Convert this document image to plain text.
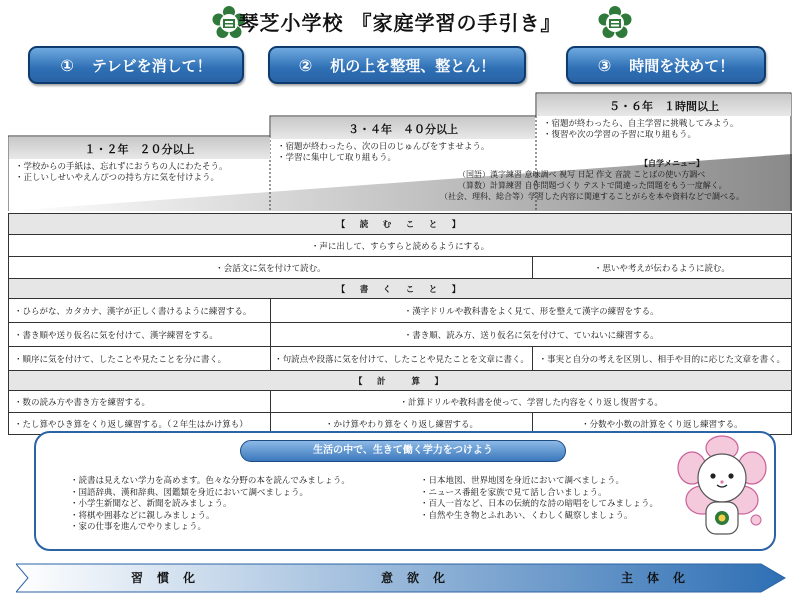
琴芝小学校 『家庭学習の手引き』
① テレビを消して！	② 机の上を整理、整とん！	③ 時間を決めて！
１・２年　２０分以上
・学校からの手紙は、忘れずにおうちの人にわたそう。
・正しいしせいやえんぴつの持ち方に気を付けよう。
３・４年　４０分以上
・宿題が終わったら、次の日のじゅんびをすませよう。
・学習に集中して取り組もう。
５・６年　１時間以上
・宿題が終わったら、自主学習に挑戦してみよう。
・復習や次の学習の予習に取り組もう。
【自学メニュー】
（国語）漢字練習 意味調べ 視写 日記 作文 音読 ことばの使い方調べ
（算数）計算練習 自作問題づくり テストで間違った問題をもう一度解く。
（社会、理科、総合等）学習した内容に関連することがらを本や資料などで調べる。
【　読　む　こ　と　】
・声に出して、すらすらと読めるようにする。
・会話文に気を付けて読む。	・思いや考えが伝わるように読む。
【　書　く　こ　と　】
・ひらがな、カタカナ、漢字が正しく書けるように練習する。	・漢字ドリルや教科書をよく見て、形を整えて漢字の練習をする。
・書き順や送り仮名に気を付けて、漢字練習をする。	・書き順、読み方、送り仮名に気を付けて、ていねいに練習する。
・順序に気を付けて、したことや見たことを分に書く。	・句読点や段落に気を付けて、したことや見たことを文章に書く。	・事実と自分の考えを区別し、相手や目的に応じた文章を書く。
【　計　　算　】
・数の読み方や書き方を練習する。	・計算ドリルや教科書を使って、学習した内容をくり返し復習する。
・たし算やひき算をくり返し練習する。（２年生はかけ算も）	・かけ算やわり算をくり返し練習する。	・分数や小数の計算をくり返し練習する。
生活の中で、生きて働く学力をつけよう
・読書は見えない学力を高めます。色々な分野の本を読んでみましょう。
・国語辞典、漢和辞典、図鑑類を身近において調べましょう。
・小学生新聞など、新聞を読みましょう。
・将棋や囲碁などに親しみましょう。
・家の仕事を進んでやりましょう。
・日本地図、世界地図を身近において調べましょう。
・ニュース番組を家族で見て話し合いましょう。
・百人一首など、日本の伝統的な詩の暗唱をしてみましょう。
・自然や生き物とふれあい、くわしく観察しましょう。
習慣化	意欲化	主体化
